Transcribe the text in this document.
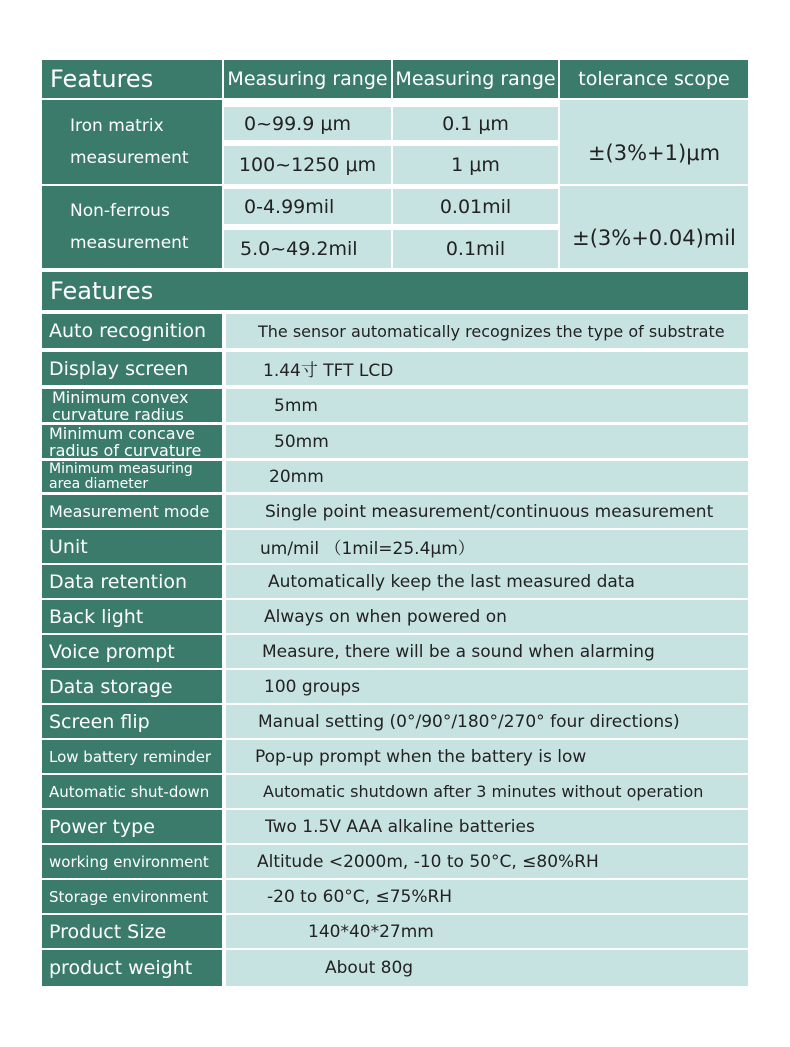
Features	Measuring range Measuring range	tolerance scope
Iron matrix
measurement
0~99.9 μm	0.1 μm
100~1250 μm	1 μm	±(3%+1)μm
Non-ferrous
measurement
0-4.99mil	0.01mil
5.0~49.2mil	0.1mil	±(3%+0.04)mil
Features
Auto recognition	The sensor automatically recognizes the type of substrate
Display screen	1.44寸 TFT LCD
Minimum convex
curvature radius	5mm
Minimum concave
radius of curvature	50mm
Minimum measuring
area diameter	20mm
Measurement mode	Single point measurement/continuous measurement
Unit	um/mil （1mil=25.4μm）
Data retention	Automatically keep the last measured data
Back light	Always on when powered on
Voice prompt	Measure, there will be a sound when alarming
Data storage	100 groups
Screen flip	Manual setting (0°/90°/180°/270° four directions)
Low battery reminder	Pop-up prompt when the battery is low
Automatic shut-down	Automatic shutdown after 3 minutes without operation
Power type	Two 1.5V AAA alkaline batteries
working environment	Altitude <2000m, -10 to 50°C, ≤80%RH
Storage environment	-20 to 60°C, ≤75%RH
Product Size	140*40*27mm
product weight	About 80g
